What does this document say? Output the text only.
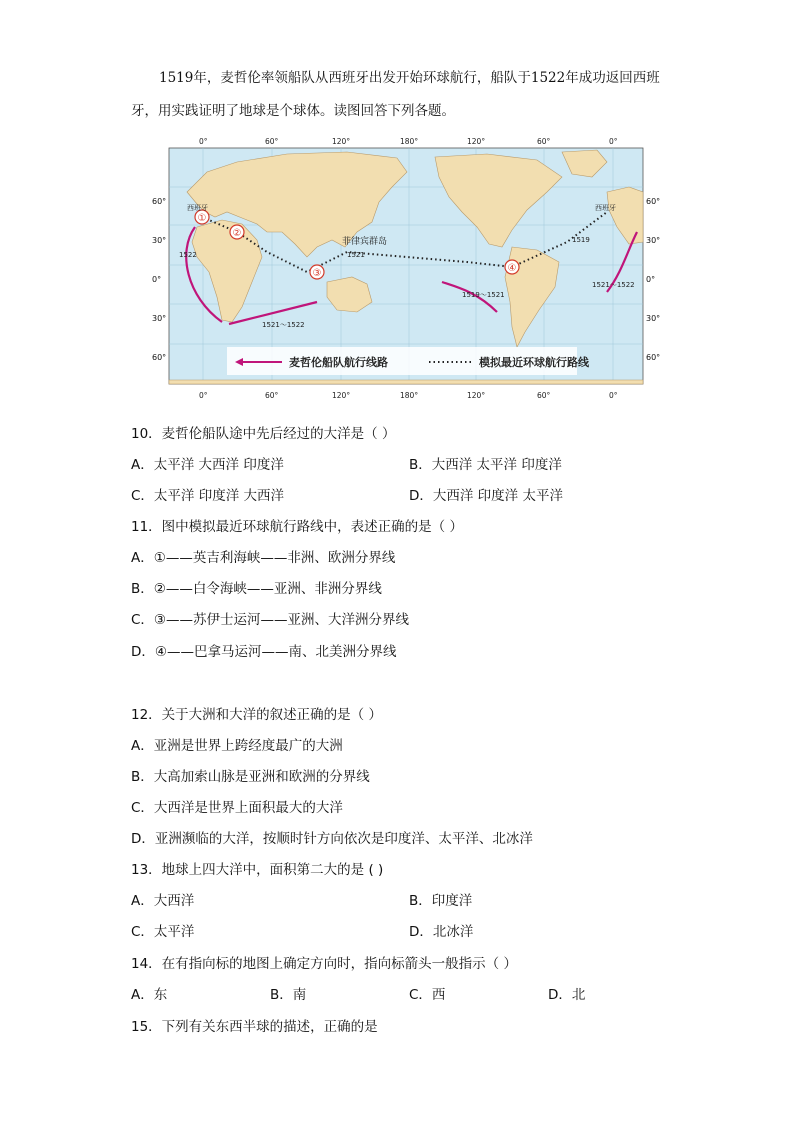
1519年，麦哲伦率领船队从西班牙出发开始环球航行，船队于1522年成功返回西班牙，用实践证明了地球是个球体。读图回答下列各题。

0°	60°	120°	180°	120°	60°	0°
0°	60°	120°	180°	120°	60°	0°
①
②
③	④
西班牙	西班牙
菲律宾群岛
1521
1522
1521～1522
1519～1521
1519
1521～1522
麦哲伦船队航行线路	模拟最近环球航行路线
60°
30°
0°
30°
60°
60°
30°
0°
30°
60°
10．麦哲伦船队途中先后经过的大洋是（ ）
A．太平洋 大西洋 印度洋	B．大西洋 太平洋 印度洋
C．太平洋 印度洋 大西洋	D．大西洋 印度洋 太平洋
11．图中模拟最近环球航行路线中，表述正确的是（ ）
A．①——英吉利海峡——非洲、欧洲分界线
B．②——白令海峡——亚洲、非洲分界线
C．③——苏伊士运河——亚洲、大洋洲分界线
D．④——巴拿马运河——南、北美洲分界线
12．关于大洲和大洋的叙述正确的是（ ）
A．亚洲是世界上跨经度最广的大洲
B．大高加索山脉是亚洲和欧洲的分界线
C．大西洋是世界上面积最大的大洋
D．亚洲濒临的大洋，按顺时针方向依次是印度洋、太平洋、北冰洋
13．地球上四大洋中，面积第二大的是 ( )
A．大西洋	B．印度洋
C．太平洋	D．北冰洋
14．在有指向标的地图上确定方向时，指向标箭头一般指示（ ）
A．东	B．南	C．西	D．北
15．下列有关东西半球的描述，正确的是
